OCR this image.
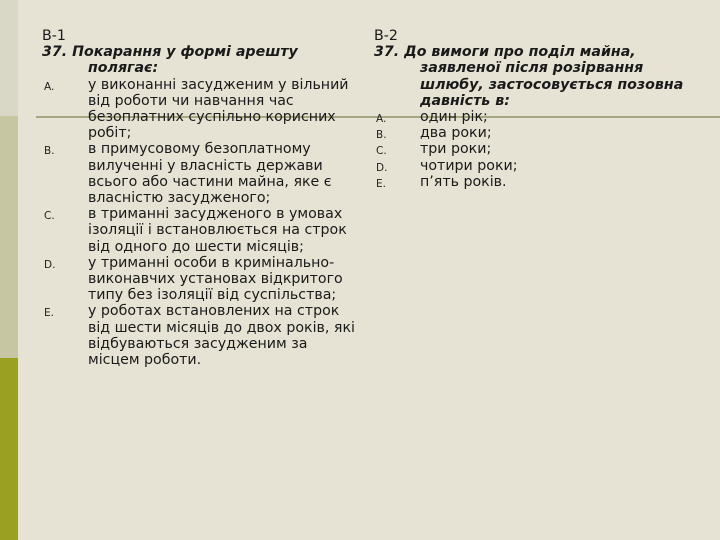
В-1
37. Покарання у формі арешту
полягає:
A. у виконанні засудженим у вільний від роботи чи навчання час безоплатних суспільно корисних робіт;
B. в примусовому безоплатному вилученні у власність держави всього або частини майна, яке є власністю засудженого;
C. в триманні засудженого в умовах ізоляції і встановлюється на строк від одного до шести місяців;
D. у триманні особи в кримінально-виконавчих установах відкритого типу без ізоляції від суспільства;
E. у роботах встановлених на строк від шести місяців до двох років, які відбуваються засудженим за місцем роботи.
В-2
37. До вимоги про поділ майна,
заявленої після розірвання шлюбу, застосовується позовна давність в:
A. один рік;
B. два роки;
C. три роки;
D. чотири роки;
E. п’ять років.
